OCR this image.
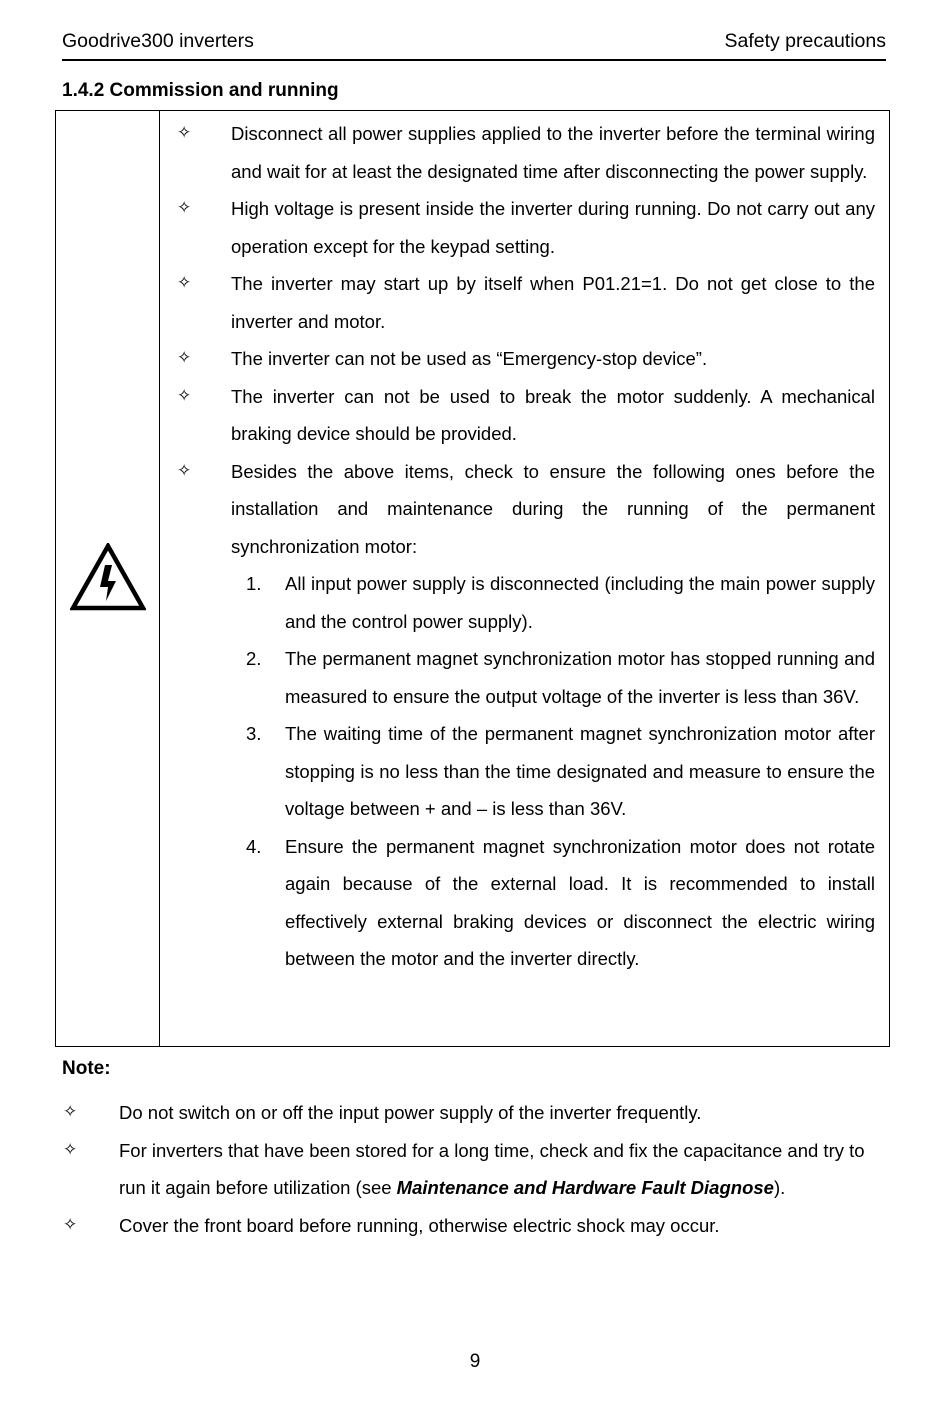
Goodrive300 inverters	Safety precautions
1.4.2 Commission and running
✧	Disconnect all power supplies applied to the inverter before the terminal wiring and wait for at least the designated time after disconnecting the power supply.
✧	High voltage is present inside the inverter during running. Do not carry out any operation except for the keypad setting.
✧	The inverter may start up by itself when P01.21=1. Do not get close to the inverter and motor.
✧	The inverter can not be used as “Emergency-stop device”.
✧	The inverter can not be used to break the motor suddenly. A mechanical braking device should be provided.
✧	Besides the above items, check to ensure the following ones before the installation and maintenance during the running of the permanent synchronization motor:
1. All input power supply is disconnected (including the main power supply and the control power supply).
2. The permanent magnet synchronization motor has stopped running and measured to ensure the output voltage of the inverter is less than 36V.
3. The waiting time of the permanent magnet synchronization motor after stopping is no less than the time designated and measure to ensure the voltage between + and – is less than 36V.
4. Ensure the permanent magnet synchronization motor does not rotate again because of the external load. It is recommended to install effectively external braking devices or disconnect the electric wiring between the motor and the inverter directly.
Note:
✧ Do not switch on or off the input power supply of the inverter frequently.
✧ For inverters that have been stored for a long time, check and fix the capacitance and try to run it again before utilization (see Maintenance and Hardware Fault Diagnose).
✧ Cover the front board before running, otherwise electric shock may occur.
9
